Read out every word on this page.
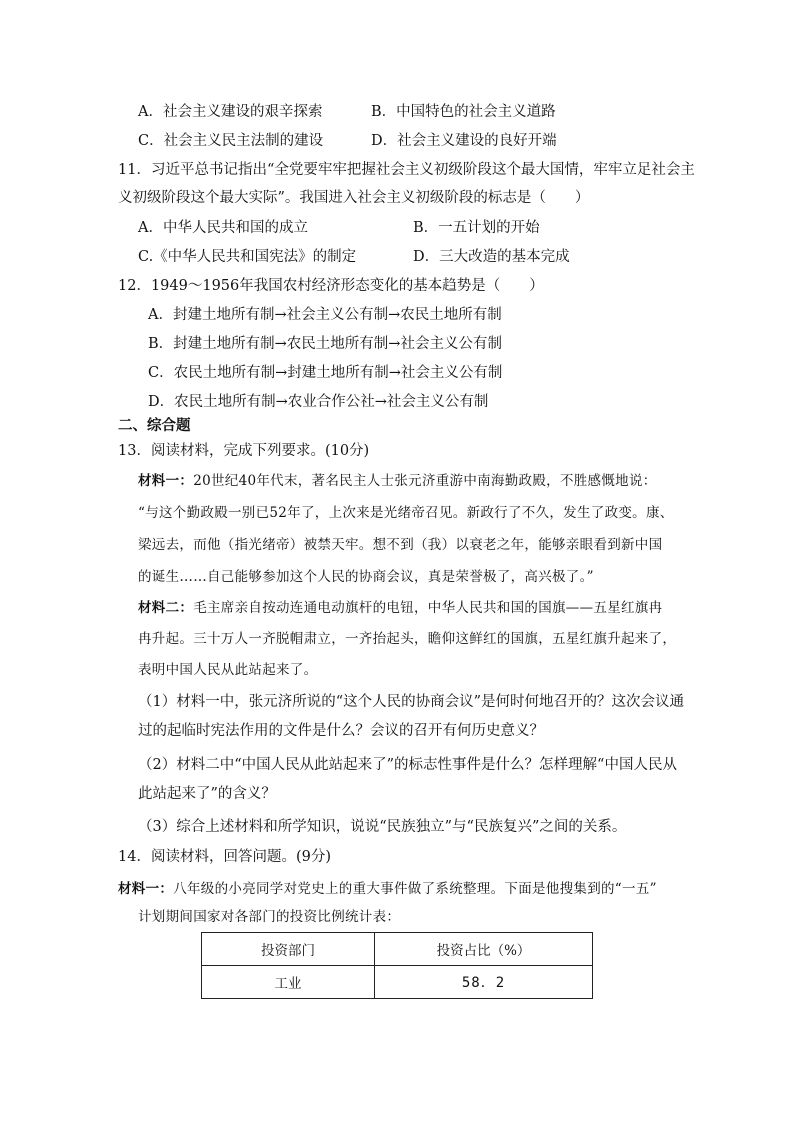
A．社会主义建设的艰辛探索	B．中国特色的社会主义道路
C．社会主义民主法制的建设	D．社会主义建设的良好开端
11．习近平总书记指出“全党要牢牢把握社会主义初级阶段这个最大国情，牢牢立足社会主
义初级阶段这个最大实际”。我国进入社会主义初级阶段的标志是（　　）
A．中华人民共和国的成立	B．一五计划的开始
C.《中华人民共和国宪法》的制定	D．三大改造的基本完成
12．1949～1956年我国农村经济形态变化的基本趋势是（　　）
A．封建土地所有制→社会主义公有制→农民土地所有制
B．封建土地所有制→农民土地所有制→社会主义公有制
C．农民土地所有制→封建土地所有制→社会主义公有制
D．农民土地所有制→农业合作公社→社会主义公有制
二、综合题
13．阅读材料，完成下列要求。(10分)
材料一：20世纪40年代末，著名民主人士张元济重游中南海勤政殿，不胜感慨地说：
“与这个勤政殿一别已52年了，上次来是光绪帝召见。新政行了不久，发生了政变。康、
梁远去，而他（指光绪帝）被禁天牢。想不到（我）以衰老之年，能够亲眼看到新中国
的诞生……自己能够参加这个人民的协商会议，真是荣誉极了，高兴极了。”
材料二：毛主席亲自按动连通电动旗杆的电钮，中华人民共和国的国旗——五星红旗冉
冉升起。三十万人一齐脱帽肃立，一齐抬起头，瞻仰这鲜红的国旗，五星红旗升起来了，
表明中国人民从此站起来了。
（1）材料一中，张元济所说的“这个人民的协商会议”是何时何地召开的？这次会议通
过的起临时宪法作用的文件是什么？会议的召开有何历史意义？
（2）材料二中“中国人民从此站起来了”的标志性事件是什么？怎样理解“中国人民从
此站起来了”的含义？
（3）综合上述材料和所学知识，说说“民族独立”与“民族复兴”之间的关系。
14．阅读材料，回答问题。(9分)
材料一：八年级的小亮同学对党史上的重大事件做了系统整理。下面是他搜集到的“一五”
计划期间国家对各部门的投资比例统计表：
投资部门	投资占比（%）
工业	58．2
